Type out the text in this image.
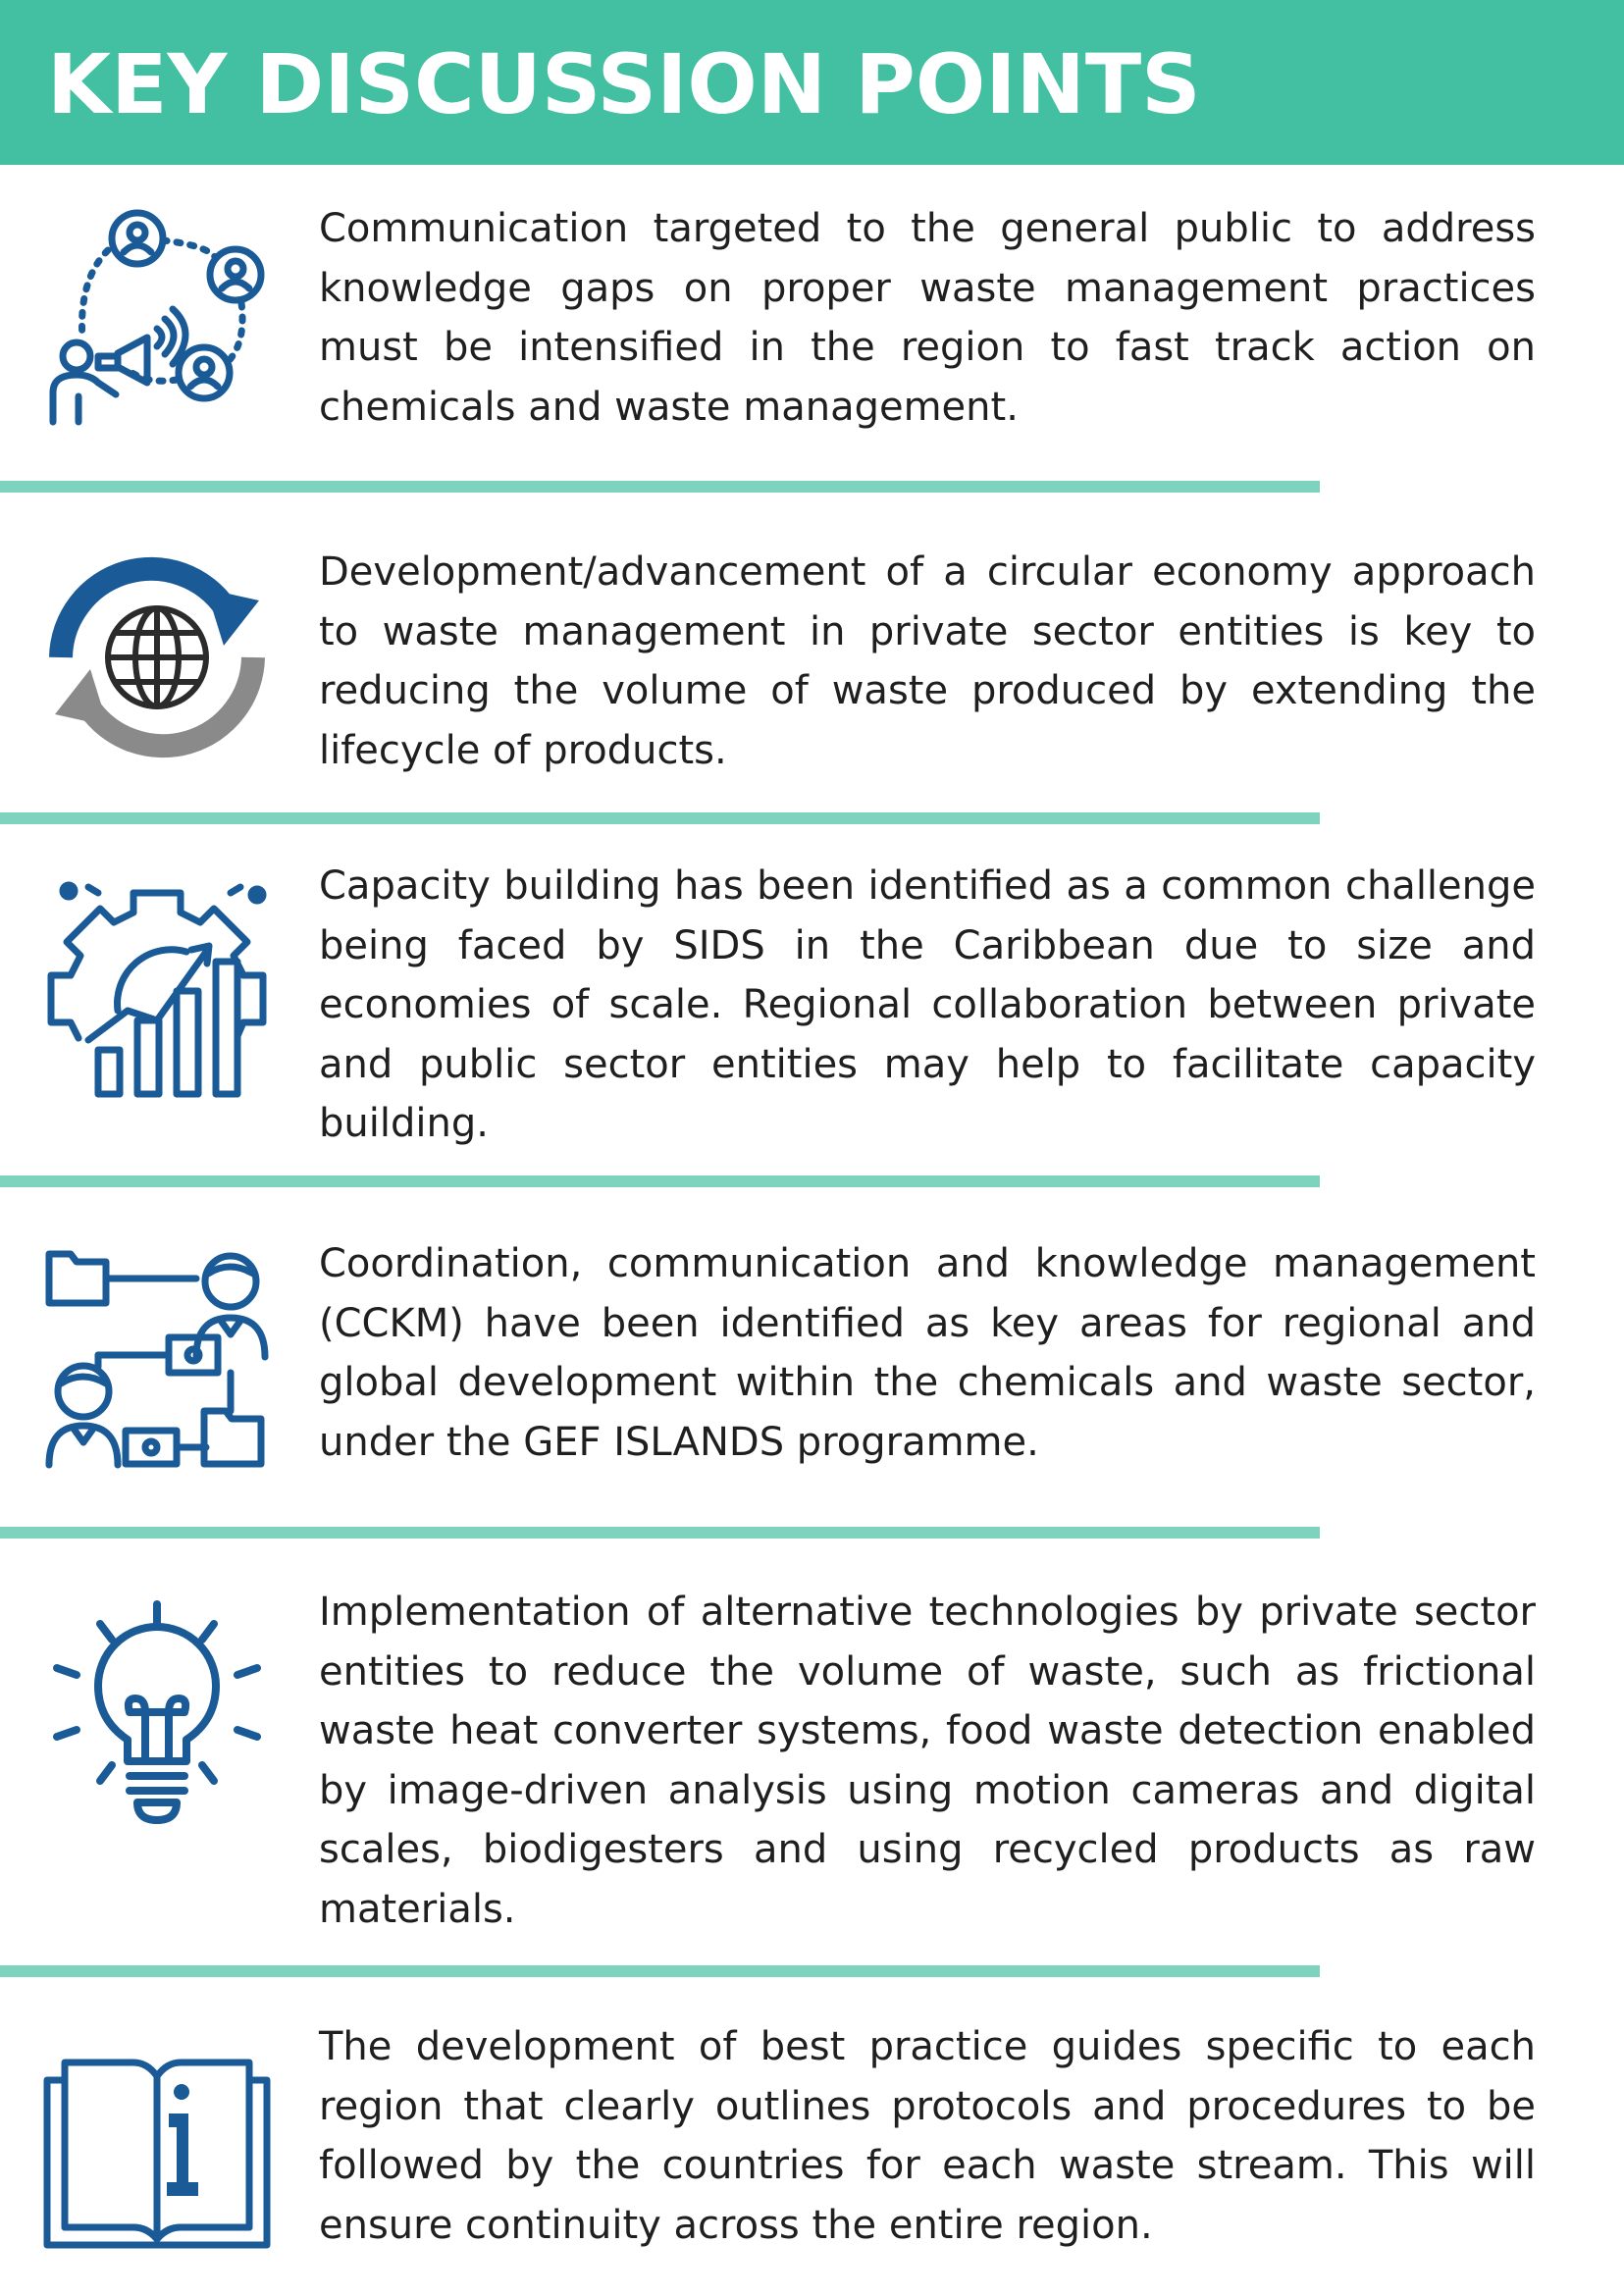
KEY DISCUSSION POINTS

Communication targeted to the general public to address knowledge gaps on proper waste management practices must be intensified in the region to fast track action on chemicals and waste management.

Development/advancement of a circular economy approach to waste management in private sector entities is key to reducing the volume of waste produced by extending the lifecycle of products.

Capacity building has been identified as a common challenge being faced by SIDS in the Caribbean due to size and economies of scale. Regional collaboration between private and public sector entities may help to facilitate capacity building.

Coordination, communication and knowledge management (CCKM) have been identified as key areas for regional and global development within the chemicals and waste sector, under the GEF ISLANDS programme.

Implementation of alternative technologies by private sector entities to reduce the volume of waste, such as frictional waste heat converter systems, food waste detection enabled by image-driven analysis using motion cameras and digital scales, biodigesters and using recycled products as raw materials.

The development of best practice guides specific to each region that clearly outlines protocols and procedures to be followed by the countries for each waste stream. This will ensure continuity across the entire region.
